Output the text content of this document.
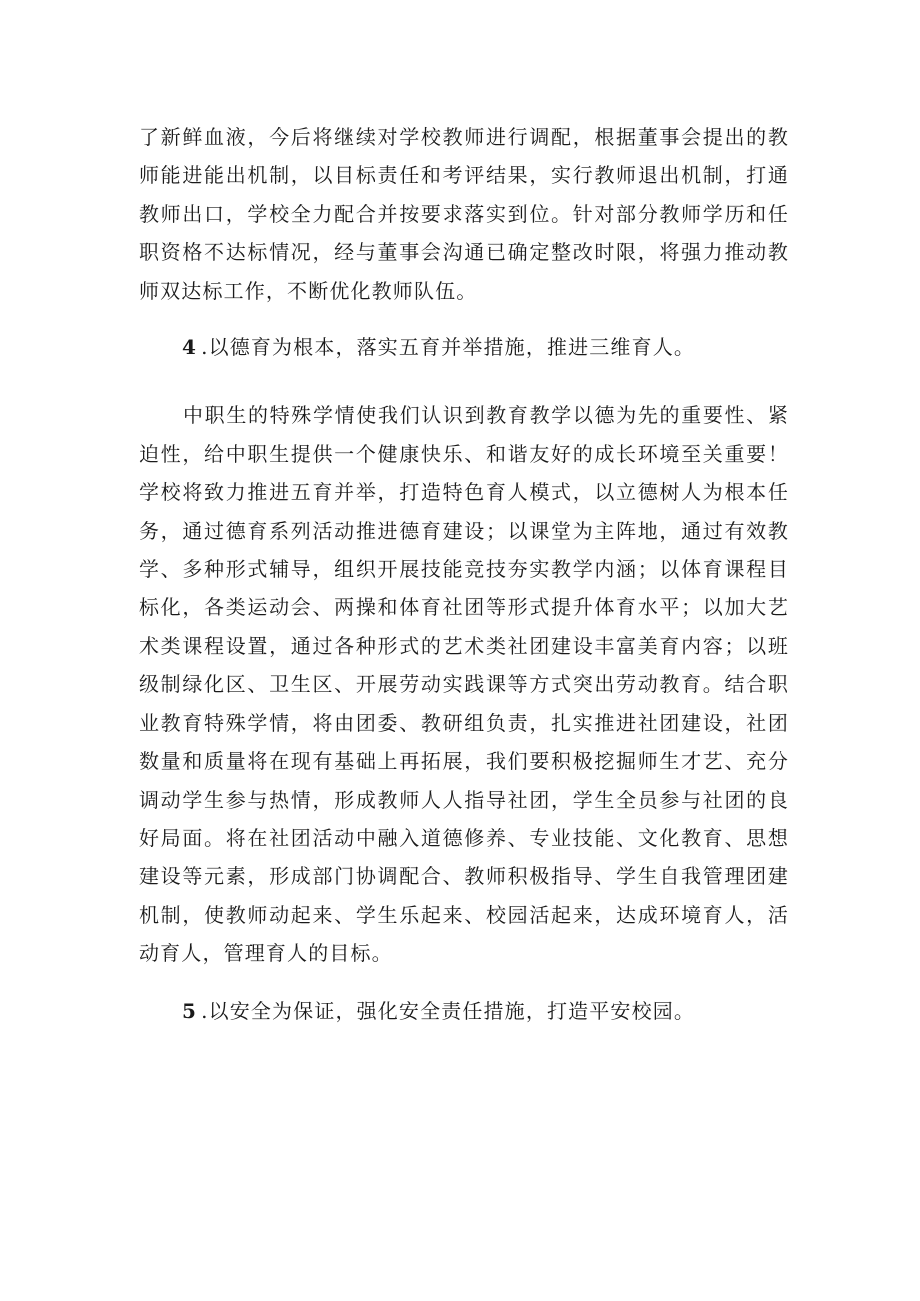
了新鲜血液，今后将继续对学校教师进行调配，根据董事会提出的教师能进能出机制，以目标责任和考评结果，实行教师退出机制，打通教师出口，学校全力配合并按要求落实到位。针对部分教师学历和任职资格不达标情况，经与董事会沟通已确定整改时限，将强力推动教师双达标工作，不断优化教师队伍。

4 .以德育为根本，落实五育并举措施，推进三维育人。

中职生的特殊学情使我们认识到教育教学以德为先的重要性、紧迫性，给中职生提供一个健康快乐、和谐友好的成长环境至关重要！学校将致力推进五育并举，打造特色育人模式，以立德树人为根本任务，通过德育系列活动推进德育建设；以课堂为主阵地，通过有效教学、多种形式辅导，组织开展技能竞技夯实教学内涵；以体育课程目标化，各类运动会、两操和体育社团等形式提升体育水平；以加大艺术类课程设置，通过各种形式的艺术类社团建设丰富美育内容；以班级制绿化区、卫生区、开展劳动实践课等方式突出劳动教育。结合职业教育特殊学情，将由团委、教研组负责，扎实推进社团建设，社团数量和质量将在现有基础上再拓展，我们要积极挖掘师生才艺、充分调动学生参与热情，形成教师人人指导社团，学生全员参与社团的良好局面。将在社团活动中融入道德修养、专业技能、文化教育、思想建设等元素，形成部门协调配合、教师积极指导、学生自我管理团建机制，使教师动起来、学生乐起来、校园活起来，达成环境育人，活动育人，管理育人的目标。

5 .以安全为保证，强化安全责任措施，打造平安校园。
